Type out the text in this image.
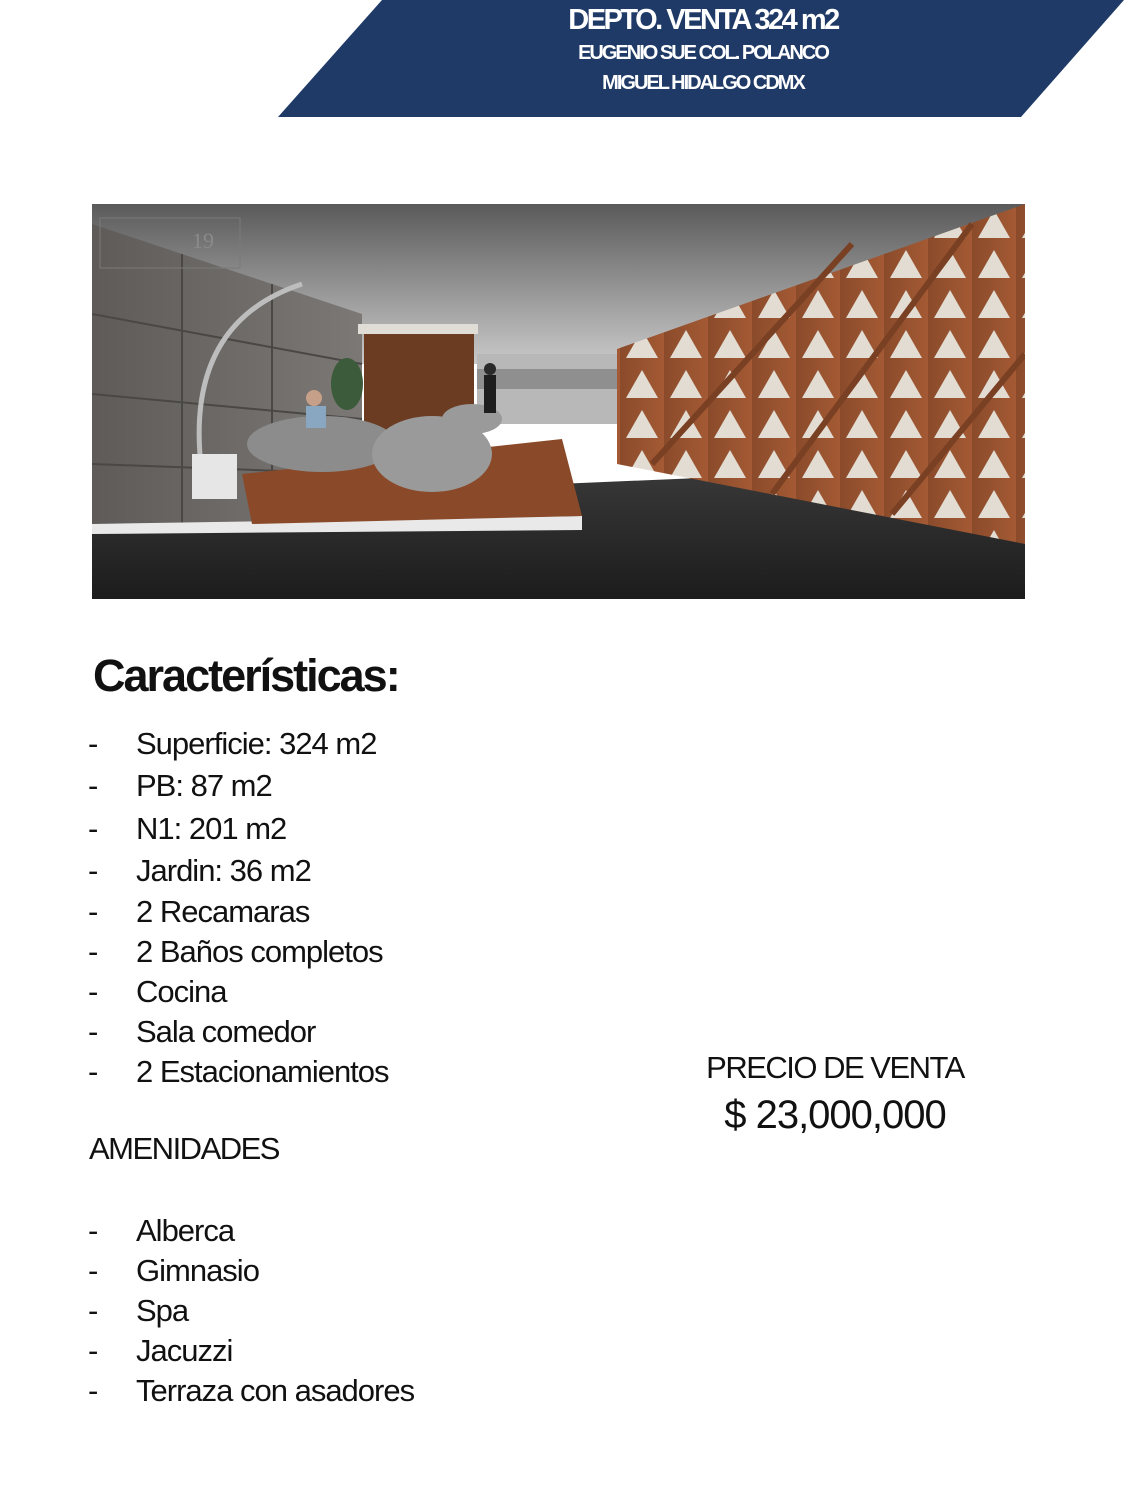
DEPTO. VENTA 324 m2
EUGENIO SUE COL. POLANCO
MIGUEL HIDALGO CDMX
19
Características:
-	Superficie: 324 m2
-	PB: 87 m2
-	N1: 201 m2
-	Jardin: 36 m2
-	2 Recamaras
-	2 Baños completos
-	Cocina
-	Sala comedor
-	2 Estacionamientos
AMENIDADES
-	Alberca
-	Gimnasio
-	Spa
-	Jacuzzi
-	Terraza con asadores
PRECIO DE VENTA
$ 23,000,000
